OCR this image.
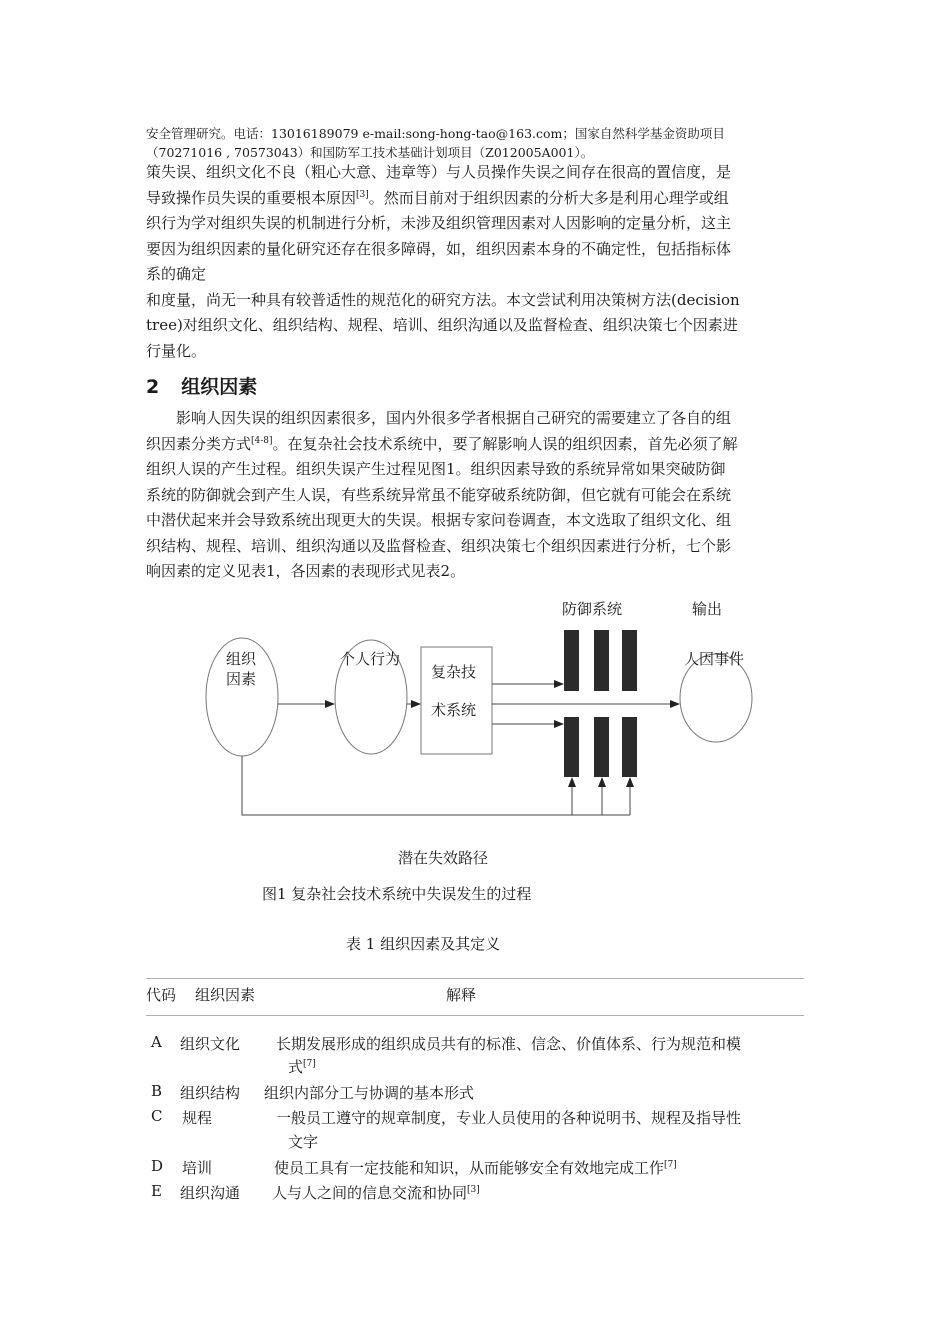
安全管理研究。电话：13016189079 e-mail:song-hong-tao@163.com；国家自然科学基金资助项目
（70271016 , 70573043）和国防军工技术基础计划项目（Z012005A001）。
策失误、组织文化不良（粗心大意、违章等）与人员操作失误之间存在很高的置信度，是
导致操作员失误的重要根本原因[3]。然而目前对于组织因素的分析大多是利用心理学或组
织行为学对组织失误的机制进行分析，未涉及组织管理因素对人因影响的定量分析，这主
要因为组织因素的量化研究还存在很多障碍，如，组织因素本身的不确定性，包括指标体
系的确定
和度量，尚无一种具有较普适性的规范化的研究方法。本文尝试利用决策树方法(decision
tree)对组织文化、组织结构、规程、培训、组织沟通以及监督检查、组织决策七个因素进
行量化。
2 组织因素
影响人因失误的组织因素很多，国内外很多学者根据自己研究的需要建立了各自的组
织因素分类方式[4-8]。在复杂社会技术系统中，要了解影响人误的组织因素，首先必须了解
组织人误的产生过程。组织失误产生过程见图1。组织因素导致的系统异常如果突破防御
系统的防御就会到产生人误，有些系统异常虽不能穿破系统防御，但它就有可能会在系统
中潜伏起来并会导致系统出现更大的失误。根据专家问卷调查，本文选取了组织文化、组
织结构、规程、培训、组织沟通以及监督检查、组织决策七个组织因素进行分析，七个影
响因素的定义见表1，各因素的表现形式见表2。
防御系统	输出
组织
因素
个人行为
复杂技
术系统
人因事件
潜在失效路径
图1 复杂社会技术系统中失误发生的过程
表 1 组织因素及其定义
代码 组织因素	解释
A 组织文化 长期发展形成的组织成员共有的标准、信念、价值体系、行为规范和模
式[7]
B 组织结构 组织内部分工与协调的基本形式
C 规程	一般员工遵守的规章制度，专业人员使用的各种说明书、规程及指导性
文字
D 培训	使员工具有一定技能和知识，从而能够安全有效地完成工作[7]
E 组织沟通 人与人之间的信息交流和协同[3]
